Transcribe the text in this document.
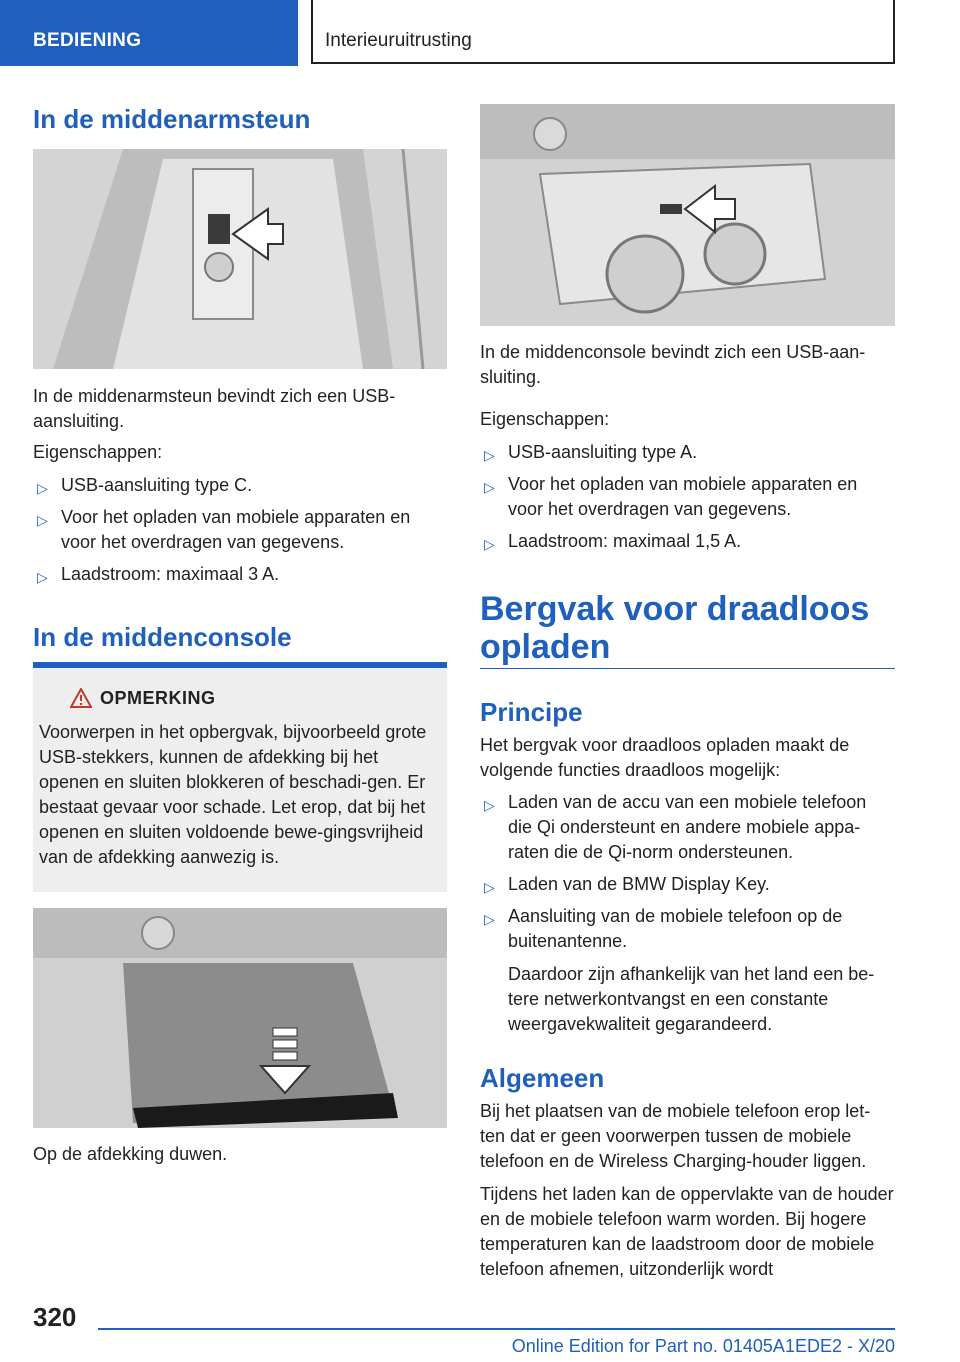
BEDIENING	Interieuruitrusting
In de middenarmsteun

In de middenarmsteun bevindt zich een USB-aansluiting.

Eigenschappen:

▷ USB-aansluiting type C.
▷ Voor het opladen van mobiele apparaten en voor het overdragen van gegevens.
▷ Laadstroom: maximaal 3 A.
In de middenconsole
OPMERKING

Voorwerpen in het opbergvak, bijvoorbeeld grote USB-stekkers, kunnen de afdekking bij het openen en sluiten blokkeren of beschadi-gen. Er bestaat gevaar voor schade. Let erop, dat bij het openen en sluiten voldoende bewe-gingsvrijheid van de afdekking aanwezig is.

Op de afdekking duwen.

In de middenconsole bevindt zich een USB-aan-sluiting.

Eigenschappen:

▷ USB-aansluiting type A.
▷ Voor het opladen van mobiele apparaten en voor het overdragen van gegevens.
▷ Laadstroom: maximaal 1,5 A.
Bergvak voor draadloos opladen
Principe

Het bergvak voor draadloos opladen maakt de volgende functies draadloos mogelijk:

▷ Laden van de accu van een mobiele telefoon die Qi ondersteunt en andere mobiele appa-raten die de Qi-norm ondersteunen.
▷ Laden van de BMW Display Key.
▷ Aansluiting van de mobiele telefoon op de buitenantenne.

Daardoor zijn afhankelijk van het land een be-tere netwerkontvangst en een constante weergavekwaliteit gegarandeerd.

Algemeen

Bij het plaatsen van de mobiele telefoon erop let-ten dat er geen voorwerpen tussen de mobiele telefoon en de Wireless Charging-houder liggen.

Tijdens het laden kan de oppervlakte van de houder en de mobiele telefoon warm worden. Bij hogere temperaturen kan de laadstroom door de mobiele telefoon afnemen, uitzonderlijk wordt

320
Online Edition for Part no. 01405A1EDE2 - X/20
